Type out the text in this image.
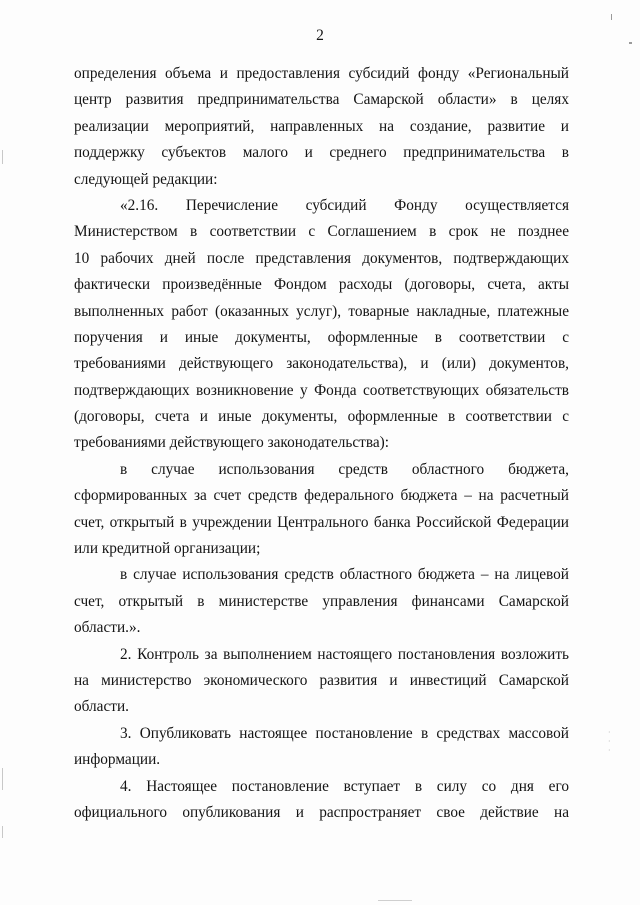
·
·
·
2
определения объема и предоставления субсидий фонду «Региональный
центр развития предпринимательства Самарской области» в целях
реализации мероприятий, направленных на создание, развитие и
поддержку субъектов малого и среднего предпринимательства в
следующей редакции:
«2.16. Перечисление субсидий Фонду осуществляется
Министерством в соответствии с Соглашением в срок не позднее
10 рабочих дней после представления документов, подтверждающих
фактически произведённые Фондом расходы (договоры, счета, акты
выполненных работ (оказанных услуг), товарные накладные, платежные
поручения и иные документы, оформленные в соответствии с
требованиями действующего законодательства), и (или) документов,
подтверждающих возникновение у Фонда соответствующих обязательств
(договоры, счета и иные документы, оформленные в соответствии с
требованиями действующего законодательства):
в случае использования средств областного бюджета,
сформированных за счет средств федерального бюджета – на расчетный
счет, открытый в учреждении Центрального банка Российской Федерации
или кредитной организации;
в случае использования средств областного бюджета – на лицевой
счет, открытый в министерстве управления финансами Самарской
области.».
2. Контроль за выполнением настоящего постановления возложить
на министерство экономического развития и инвестиций Самарской
области.
3. Опубликовать настоящее постановление в средствах массовой
информации.
4. Настоящее постановление вступает в силу со дня его
официального опубликования и распространяет свое действие на
